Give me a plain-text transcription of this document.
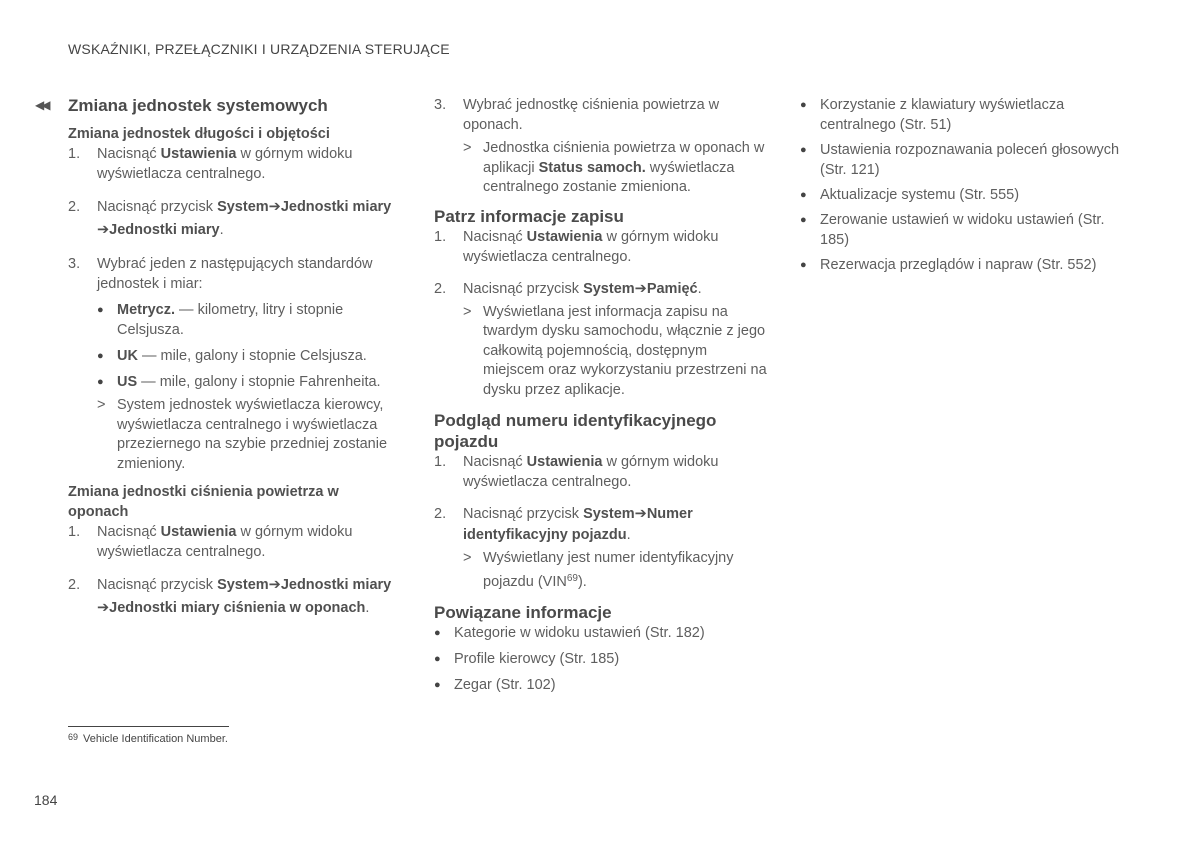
WSKAŹNIKI, PRZEŁĄCZNIKI I URZĄDZENIA STERUJĄCE
◀◀ Zmiana jednostek systemowych
Zmiana jednostek długości i objętości
1. Nacisnąć Ustawienia w górnym widoku wyświetlacza centralnego.
2. Nacisnąć przycisk System➔Jednostki miary ➔Jednostki miary.
3. Wybrać jeden z następujących standardów jednostek i miar:
● Metrycz. — kilometry, litry i stopnie Celsjusza.
● UK — mile, galony i stopnie Celsjusza.
● US — mile, galony i stopnie Fahrenheita.
> System jednostek wyświetlacza kierowcy, wyświetlacza centralnego i wyświetlacza przeziernego na szybie przedniej zostanie zmieniony.
Zmiana jednostki ciśnienia powietrza w oponach
1. Nacisnąć Ustawienia w górnym widoku wyświetlacza centralnego.
2. Nacisnąć przycisk System➔Jednostki miary ➔Jednostki miary ciśnienia w oponach.
3. Wybrać jednostkę ciśnienia powietrza w oponach.
> Jednostka ciśnienia powietrza w oponach w aplikacji Status samoch. wyświetlacza centralnego zostanie zmieniona.
Patrz informacje zapisu
1. Nacisnąć Ustawienia w górnym widoku wyświetlacza centralnego.
2. Nacisnąć przycisk System➔Pamięć.
> Wyświetlana jest informacja zapisu na twardym dysku samochodu, włącznie z jego całkowitą pojemnością, dostępnym miejscem oraz wykorzystaniu przestrzeni na dysku przez aplikacje.
Podgląd numeru identyfikacyjnego pojazdu
1. Nacisnąć Ustawienia w górnym widoku wyświetlacza centralnego.
2. Nacisnąć przycisk System➔Numer identyfikacyjny pojazdu.
> Wyświetlany jest numer identyfikacyjny pojazdu (VIN$^{69}$).
Powiązane informacje
● Kategorie w widoku ustawień (Str. 182)
● Profile kierowcy (Str. 185)
● Zegar (Str. 102)
● Korzystanie z klawiatury wyświetlacza centralnego (Str. 51)
● Ustawienia rozpoznawania poleceń głosowych (Str. 121)
● Aktualizacje systemu (Str. 555)
● Zerowanie ustawień w widoku ustawień (Str. 185)
● Rezerwacja przeglądów i napraw (Str. 552)
69 Vehicle Identification Number.
184
